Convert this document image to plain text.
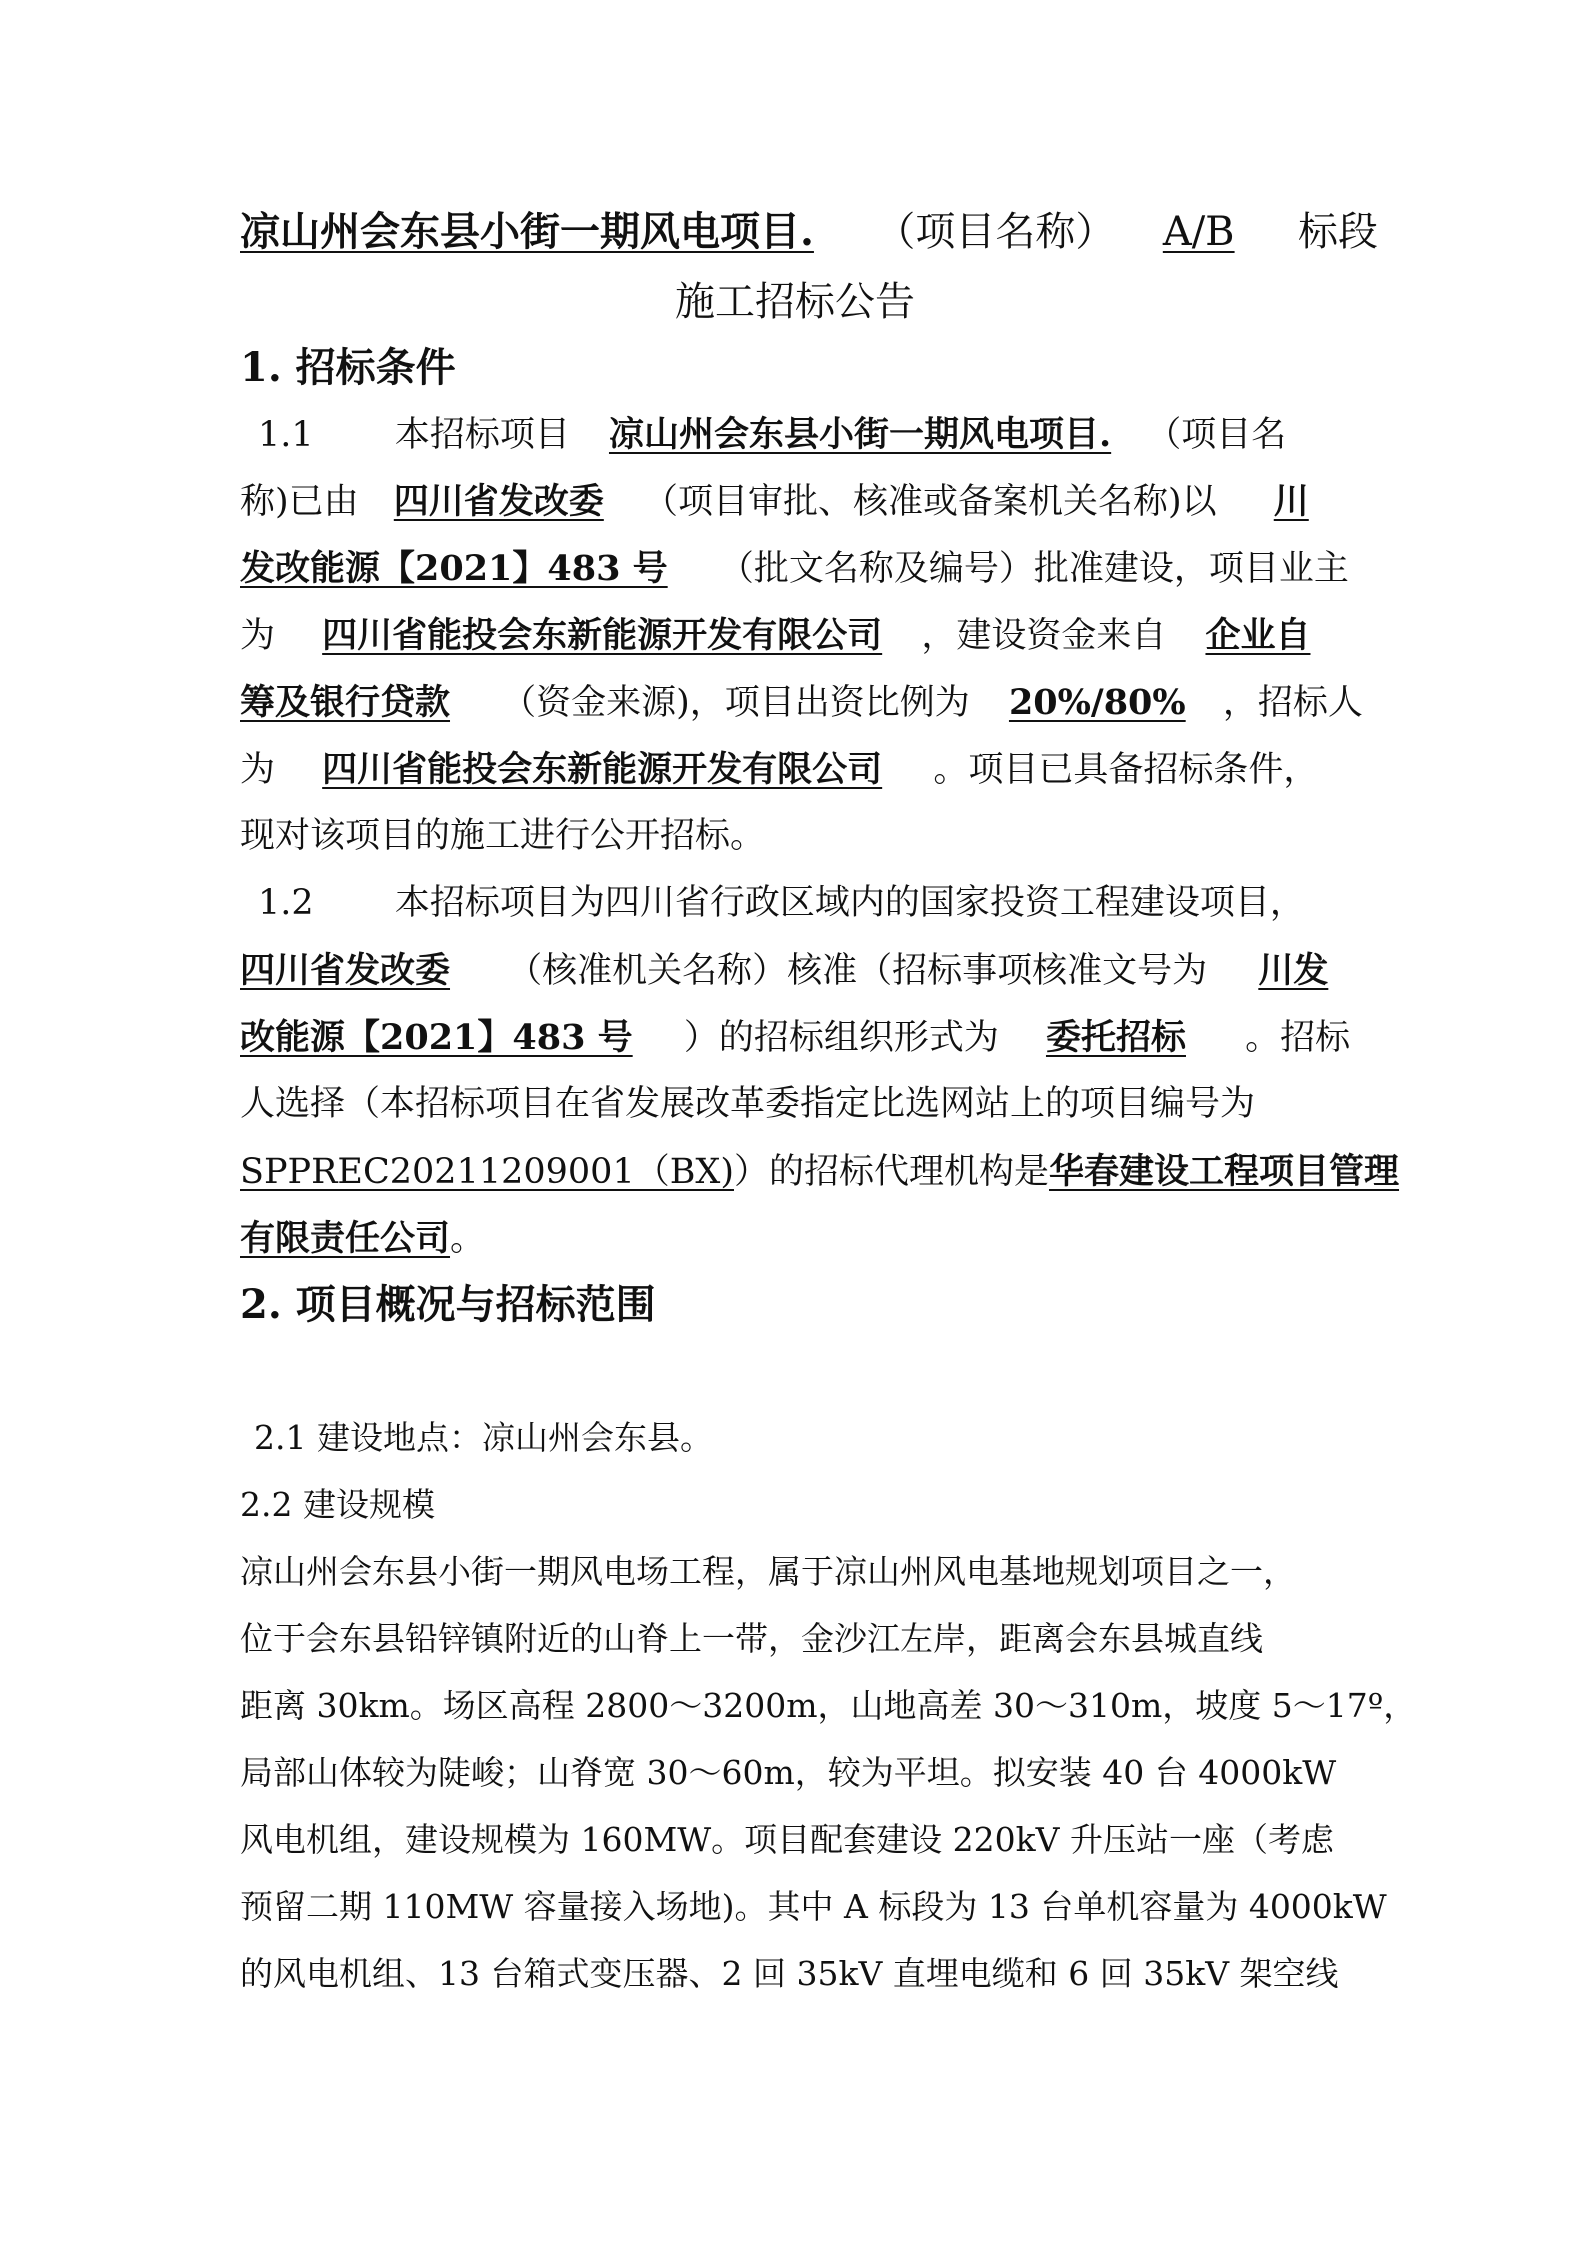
凉山州会东县小街一期风电项目. （项目名称） A/B 标段
施工招标公告
1. 招标条件
1.1 本招标项目 凉山州会东县小街一期风电项目. （项目名
称)已由 四川省发改委 （项目审批、核准或备案机关名称)以 川
发改能源【2021】483 号 （批文名称及编号）批准建设，项目业主
为 四川省能投会东新能源开发有限公司 ，建设资金来自 企业自
筹及银行贷款 （资金来源)，项目出资比例为 20%/80% ，招标人
为 四川省能投会东新能源开发有限公司 。项目已具备招标条件，
现对该项目的施工进行公开招标。
1.2 本招标项目为四川省行政区域内的国家投资工程建设项目，
四川省发改委 （核准机关名称）核准（招标事项核准文号为 川发
改能源【2021】483 号 ）的招标组织形式为 委托招标 。招标
人选择（本招标项目在省发展改革委指定比选网站上的项目编号为
SPPREC20211209001（BX)）的招标代理机构是华春建设工程项目管理
有限责任公司。
2. 项目概况与招标范围
2.1 建设地点：凉山州会东县。
2.2 建设规模
凉山州会东县小街一期风电场工程，属于凉山州风电基地规划项目之一，
位于会东县铅锌镇附近的山脊上一带，金沙江左岸，距离会东县城直线
距离 30km。场区高程 2800～3200m，山地高差 30～310m，坡度 5～17º，
局部山体较为陡峻；山脊宽 30～60m，较为平坦。拟安装 40 台 4000kW
风电机组，建设规模为 160MW。项目配套建设 220kV 升压站一座（考虑
预留二期 110MW 容量接入场地)。其中 A 标段为 13 台单机容量为 4000kW
的风电机组、13 台箱式变压器、2 回 35kV 直埋电缆和 6 回 35kV 架空线
